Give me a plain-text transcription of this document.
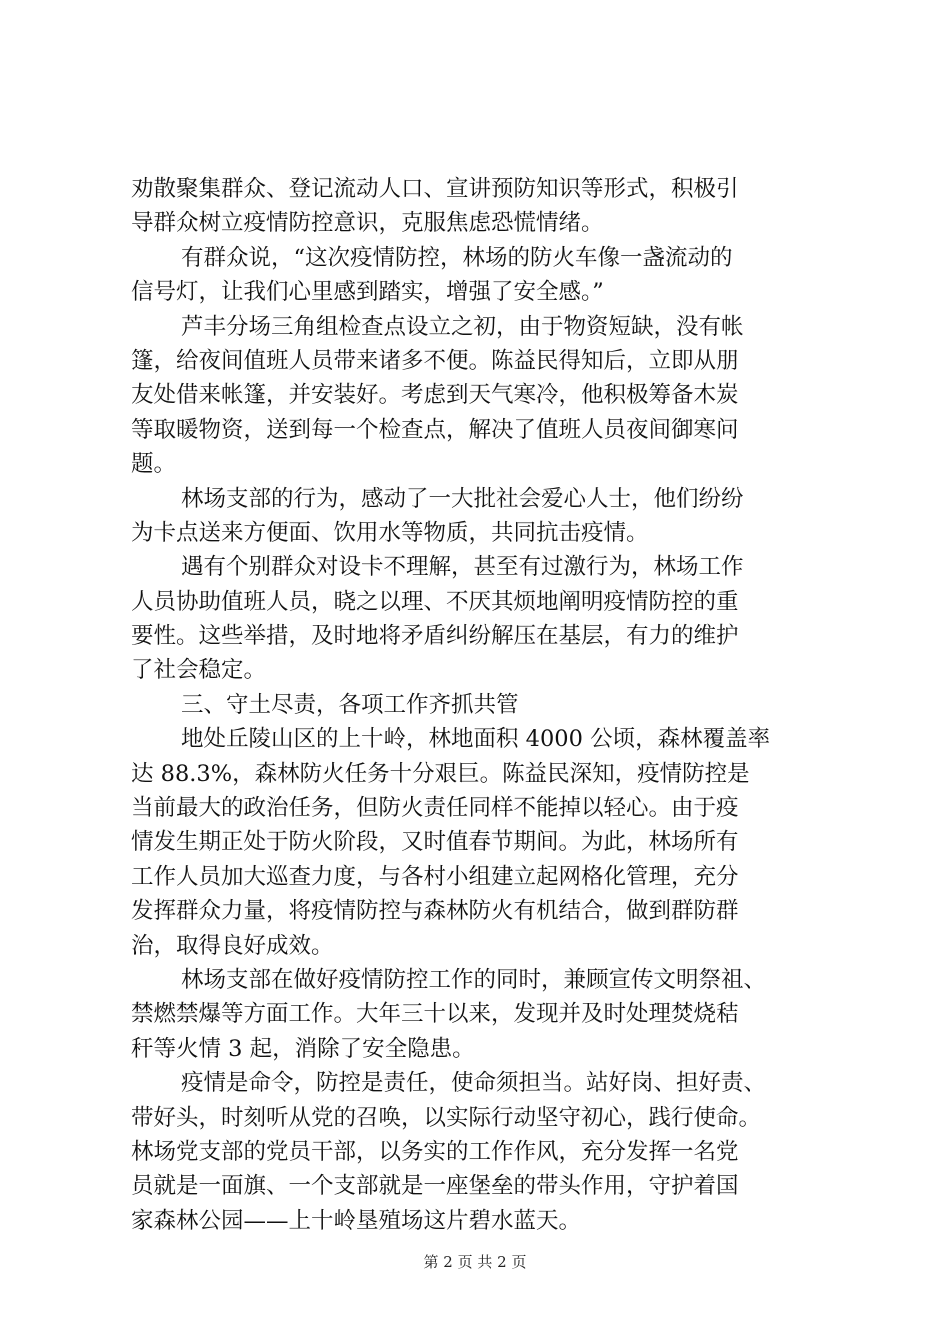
劝散聚集群众、登记流动人口、宣讲预防知识等形式，积极引
导群众树立疫情防控意识，克服焦虑恐慌情绪。
有群众说，“这次疫情防控，林场的防火车像一盏流动的
信号灯，让我们心里感到踏实，增强了安全感。”
芦丰分场三角组检查点设立之初，由于物资短缺，没有帐
篷，给夜间值班人员带来诸多不便。陈益民得知后，立即从朋
友处借来帐篷，并安装好。考虑到天气寒冷，他积极筹备木炭
等取暖物资，送到每一个检查点，解决了值班人员夜间御寒问
题。
林场支部的行为，感动了一大批社会爱心人士，他们纷纷
为卡点送来方便面、饮用水等物质，共同抗击疫情。
遇有个别群众对设卡不理解，甚至有过激行为，林场工作
人员协助值班人员，晓之以理、不厌其烦地阐明疫情防控的重
要性。这些举措，及时地将矛盾纠纷解压在基层，有力的维护
了社会稳定。
三、守土尽责，各项工作齐抓共管
地处丘陵山区的上十岭，林地面积 4000 公顷，森林覆盖率
达 88.3%，森林防火任务十分艰巨。陈益民深知，疫情防控是
当前最大的政治任务，但防火责任同样不能掉以轻心。由于疫
情发生期正处于防火阶段，又时值春节期间。为此，林场所有
工作人员加大巡查力度，与各村小组建立起网格化管理，充分
发挥群众力量，将疫情防控与森林防火有机结合，做到群防群
治，取得良好成效。
林场支部在做好疫情防控工作的同时，兼顾宣传文明祭祖、
禁燃禁爆等方面工作。大年三十以来，发现并及时处理焚烧秸
秆等火情 3 起，消除了安全隐患。
疫情是命令，防控是责任，使命须担当。站好岗、担好责、
带好头，时刻听从党的召唤，以实际行动坚守初心，践行使命。
林场党支部的党员干部，以务实的工作作风，充分发挥一名党
员就是一面旗、一个支部就是一座堡垒的带头作用，守护着国
家森林公园——上十岭垦殖场这片碧水蓝天。
第 2 页 共 2 页
